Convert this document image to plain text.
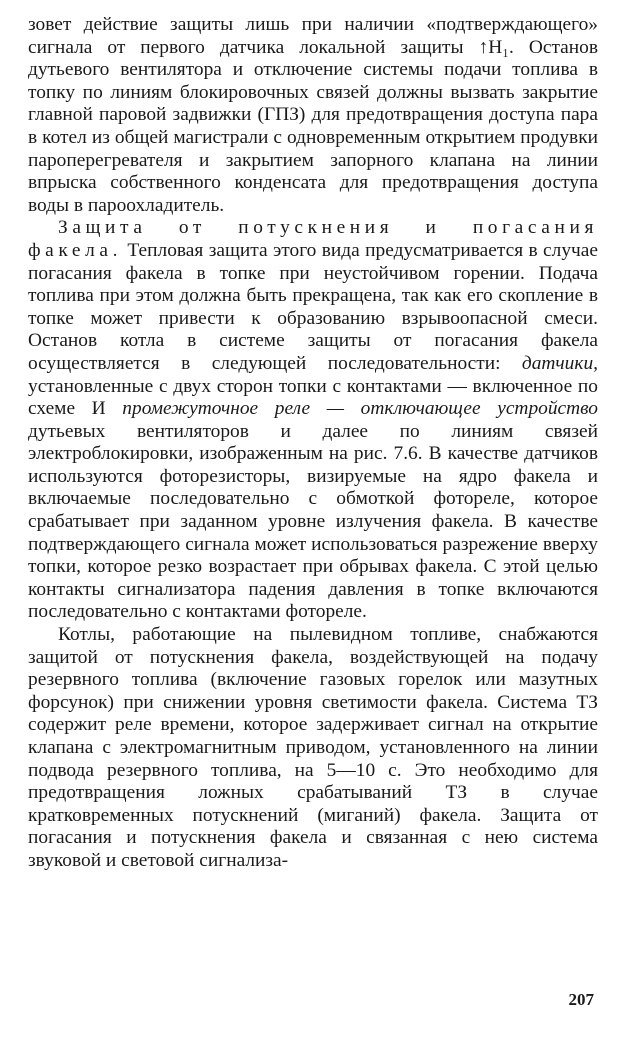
зовет действие защиты лишь при наличии «подтверждающего» сигнала от первого датчика локальной защиты ↑H₁. Останов дутьевого вентилятора и отключение системы подачи топлива в топку по линиям блокировочных связей должны вызвать закрытие главной паровой задвижки (ГПЗ) для предотвращения доступа пара в котел из общей магистрали с одновременным открытием продувки пароперегревателя и закрытием запорного клапана на линии впрыска собственного конденсата для предотвращения доступа воды в пароохладитель.

Защита от потускнения и погасания факела. Тепловая защита этого вида предусматривается в случае погасания факела в топке при неустойчивом горении. Подача топлива при этом должна быть прекращена, так как его скопление в топке может привести к образованию взрывоопасной смеси. Останов котла в системе защиты от погасания факела осуществляется в следующей последовательности: датчики, установленные с двух сторон топки с контактами — включенное по схеме И промежуточное реле — отключающее устройство дутьевых вентиляторов и далее по линиям связей электроблокировки, изображенным на рис. 7.6. В качестве датчиков используются фоторезисторы, визируемые на ядро факела и включаемые последовательно с обмоткой фотореле, которое срабатывает при заданном уровне излучения факела. В качестве подтверждающего сигнала может использоваться разрежение вверху топки, которое резко возрастает при обрывах факела. С этой целью контакты сигнализатора падения давления в топке включаются последовательно с контактами фотореле.

Котлы, работающие на пылевидном топливе, снабжаются защитой от потускнения факела, воздействующей на подачу резервного топлива (включение газовых горелок или мазутных форсунок) при снижении уровня светимости факела. Система ТЗ содержит реле времени, которое задерживает сигнал на открытие клапана с электромагнитным приводом, установленного на линии подвода резервного топлива, на 5—10 с. Это необходимо для предотвращения ложных срабатываний ТЗ в случае кратковременных потускнений (миганий) факела. Защита от погасания и потускнения факела и связанная с нею система звуковой и световой сигнализа-

207
